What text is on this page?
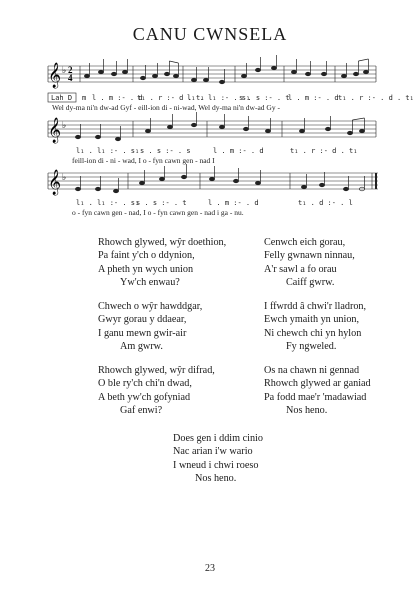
CANU CWNSELA
𝄞 ♭ 2
4
Lah D m l . m :- . d
t₁ . r :- d . t₁
l₁ . l₁ :- . s₁
s . s :- . t
l . m :- . d t₁ . r :- . d . t₁
Wel dy-ma ni'n dw-ad Gyf - eill-ion di - ni-wad, Wel dy-ma ni'n dw-ad Gy -
𝄞 ♭
l₁ . l₁ :- . s₁ s . s :- . s	l . m :- . d	t₁ . r :- d . t₁
feill-ion di - ni - wad, I o - fyn cawn gen - nad I
𝄞 ♭
l₁ . l₁ :- . s₁
s . s :- . t	l . m :- . d	t₁ . d :- . l
o - fyn cawn gen - nad, I o - fyn cawn gen - nad i ga - nu.
Rhowch glywed, wŷr doethion,
Pa faint y'ch o ddynion,
A pheth yn wych union
Yw'ch enwau?
Cenwch eich gorau,
Felly gwnawn ninnau,
A'r sawl a fo orau
Caiff gwrw.
Chwech o wŷr hawddgar,
Gwyr gorau y ddaear,
I ganu mewn gwir-air
Am gwrw.
I ffwrdd â chwi'r lladron,
Ewch ymaith yn union,
Ni chewch chi yn hylon
Fy ngweled.
Rhowch glywed, wŷr difrad,
O ble ry'ch chi'n dwad,
A beth yw'ch gofyniad
Gaf enwi?
Os na chawn ni gennad
Rhowch glywed ar ganiad
Pa fodd mae'r 'madawiad
Nos heno.
Does gen i ddim cinio
Nac arian i'w wario
I wneud i chwi roeso
Nos heno.
23
